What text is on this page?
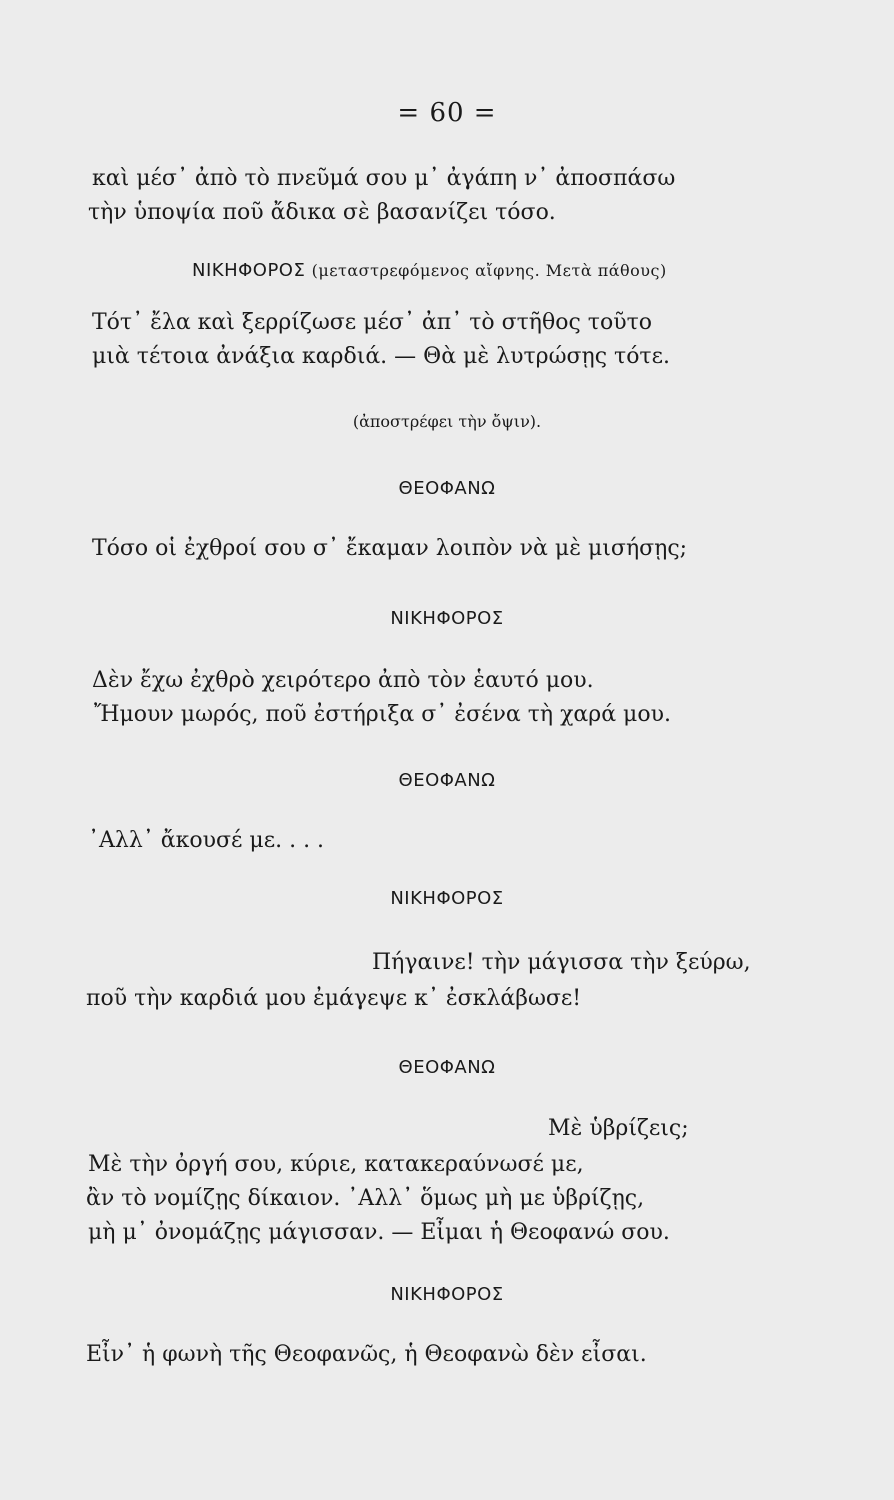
= 60 =
καὶ μέσ᾽ ἀπὸ τὸ πνεῦμά σου μ᾽ ἀγάπη ν᾽ ἀποσπάσω
τὴν ὑποψία ποῦ ἄδικα σὲ βασανίζει τόσο.
ΝΙΚΗΦΟΡΟΣ (μεταστρεφόμενος αἴφνης. Μετὰ πάθους)
Τότ᾽ ἔλα καὶ ξερρίζωσε μέσ᾽ ἀπ᾽ τὸ στῆθος τοῦτο
μιὰ τέτοια ἀνάξια καρδιά. — Θὰ μὲ λυτρώσῃς τότε.
(ἀποστρέφει τὴν ὄψιν).
ΘΕΟΦΑΝΩ
Τόσο οἱ ἐχθροί σου σ᾽ ἔκαμαν λοιπὸν νὰ μὲ μισήσῃς;
ΝΙΚΗΦΟΡΟΣ
Δὲν ἔχω ἐχθρὸ χειρότερο ἀπὸ τὸν ἑαυτό μου.
Ἤμουν μωρός, ποῦ ἐστήριξα σ᾽ ἐσένα τὴ χαρά μου.
ΘΕΟΦΑΝΩ
᾽Αλλ᾽ ἄκουσέ με. . . .
ΝΙΚΗΦΟΡΟΣ
Πήγαινε! τὴν μάγισσα τὴν ξεύρω,
ποῦ τὴν καρδιά μου ἐμάγεψε κ᾽ ἐσκλάβωσε!
ΘΕΟΦΑΝΩ
Μὲ ὑβρίζεις;
Μὲ τὴν ὀργή σου, κύριε, κατακεραύνωσέ με,
ἂν τὸ νομίζῃς δίκαιον. ᾽Αλλ᾽ ὅμως μὴ με ὑβρίζῃς,
μὴ μ᾽ ὀνομάζῃς μάγισσαν. — Εἶμαι ἡ Θεοφανώ σου.
ΝΙΚΗΦΟΡΟΣ
Εἶν᾽ ἡ φωνὴ τῆς Θεοφανῶς, ἡ Θεοφανὼ δὲν εἶσαι.
